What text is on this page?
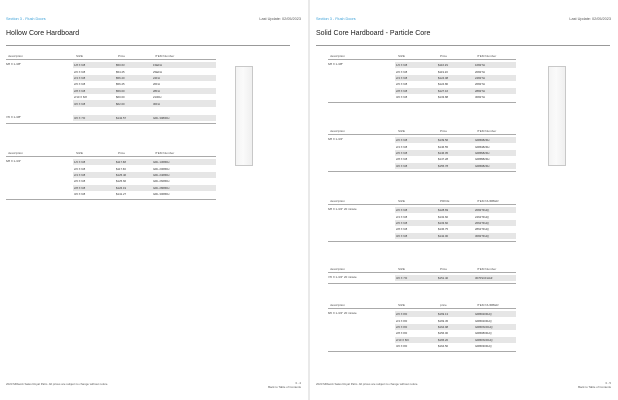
Section 3 - Flush Doors	Last Update: 02/05/2023
Hollow Core Hardboard
description	SIZE	Price	ITEM Number
6/8 X 1-3/8"	1/8 X 6/8	$50.63	1SEFH
2/0 X 6/8	$54.25	2SEFH
2/4 X 6/8	$56.20	24FH
2/6 X 6/8	$56.25	26FH
2/8 X 6/8	$59.00	28FH
2/10 X 6/8	$60.00	210FH
3/0 X 6/8	$62.00	30FH
7/0 X 1-3/8"	3/0 X 7/0	$142.57	GRL 3080FH
description	SIZE	Price	ITEM Number
6/8 X 1-3/4"	1/6 X 6/8	$117.68	GRL 1368FH
2/0 X 6/8	$117.66	GRL 2068FH
2/4 X 6/8	$125.46	GRL 2468FH
2/6 X 6/8	$125.66	GRL 2668FH
2/8 X 6/8	$126.19	GRL 2868FH
3/0 X 6/8	$141.27	GRL 3068FH
2023 Millwork Sales Royal Palm. All prices are subject to change without notice.	3 - 4
Back to Table of Contents
Section 3 - Flush Doors	Last Update: 02/05/2023
Solid Core Hardboard - Particle Core
description	SIZE	Price	ITEM Number
6/8 X 1-3/8"	1/6 X 6/8	$116.29	1682TH
2/0 X 6/8	$119.20	2082TH
2/4 X 6/8	$124.08	2482TH
2/6 X 6/8	$124.80	2682TH
2/8 X 6/8	$127.16	2882TH
3/0 X 6/8	$133.88	3082TH
description	SIZE	Price	ITEM Number
6/8 X 1-3/4"	2/0 X 6/8	$139.56	GRB082FH
2/4 X 6/8	$146.55	GRB482FH
2/6 X 6/8	$146.05	GRB682FH
2/8 X 6/8	$147.28	GRB882FH
3/0 X 6/8	$155.78	GRB082FH
description	SIZE	PRICE	ITEM NUMBER
6/8 X 1-3/4" 20 minute	2/0 X 6/8	$128.69	2082TFHQ
2/4 X 6/8	$132.60	2462TFHQ
2/6 X 6/8	$133.60	2662TFHQ
2/8 X 6/8	$136.75	2862TFHQ
3/0 X 6/8	$142.00	3082TFHQ
description	SIZE	Price	ITEM Number
7/0 X 1-3/4" 20 minute	3/0 X 7/0	$151.40	3070SCFHAZ
description	SIZE	price	ITEM NUMBER
8/0 X 1-3/4" 20 minute	2/0 X 8/0	$169.13	GRB020FHQ
2/4 X 8/0	$169.45	GRB020FHQ
2/6 X 8/0	$164.98	GRB0SOFHQ
2/8 X 8/0	$156.00	GRB080FHQ
2/10 X 8/0	$165.20	GRB0SOFHQ
3/0 X 8/0	$164.50	GRB030FHQ
2023 Millwork Sales Royal Palm. All prices are subject to change without notice.	3 - 5
Back to Table of Contents
